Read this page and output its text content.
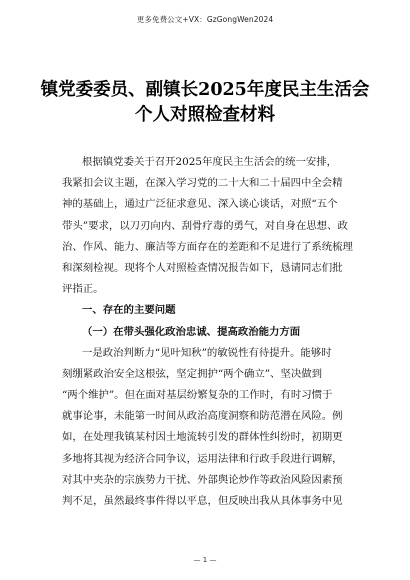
更多免费公文+VX：GzGongWen2024
镇党委委员、副镇长2025年度民主生活会
个人对照检查材料
根据镇党委关于召开2025年度民主生活会的统一安排，
我紧扣会议主题，在深入学习党的二十大和二十届四中全会精
神的基础上，通过广泛征求意见、深入谈心谈话，对照“五个
带头”要求，以刀刃向内、刮骨疗毒的勇气，对自身在思想、政
治、作风、能力、廉洁等方面存在的差距和不足进行了系统梳理
和深刻检视。现将个人对照检查情况报告如下，恳请同志们批
评指正。
一、存在的主要问题
（一）在带头强化政治忠诚、提高政治能力方面
一是政治判断力“见叶知秋”的敏锐性有待提升。能够时
刻绷紧政治安全这根弦，坚定拥护“两个确立”、坚决做到
“两个维护”。但在面对基层纷繁复杂的工作时，有时习惯于
就事论事，未能第一时间从政治高度洞察和防范潜在风险。例
如，在处理我镇某村因土地流转引发的群体性纠纷时，初期更
多地将其视为经济合同争议，运用法律和行政手段进行调解，
对其中夹杂的宗族势力干扰、外部舆论炒作等政治风险因素预
判不足，虽然最终事件得以平息，但反映出我从具体事务中见
— 1 —
